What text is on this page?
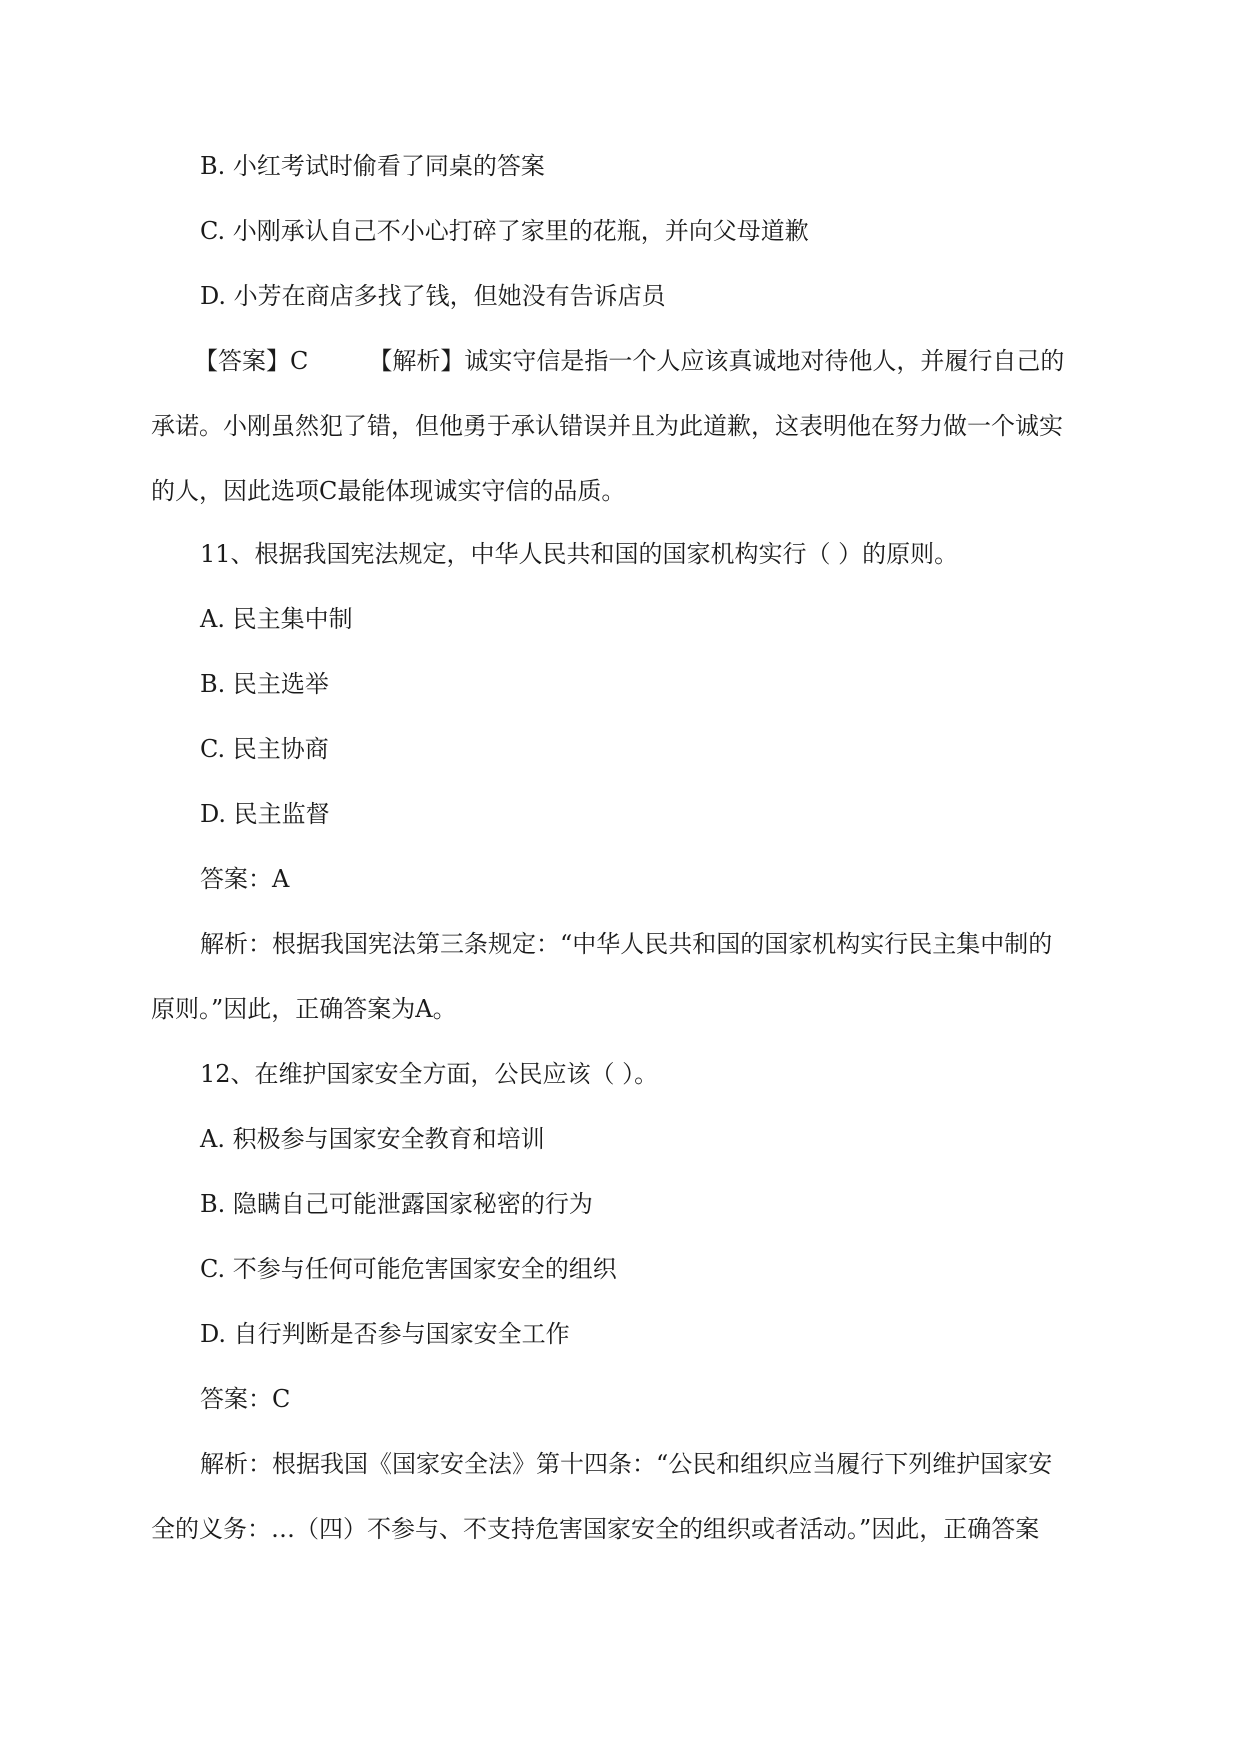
B. 小红考试时偷看了同桌的答案
C. 小刚承认自己不小心打碎了家里的花瓶，并向父母道歉
D. 小芳在商店多找了钱，但她没有告诉店员
【答案】C	【解析】诚实守信是指一个人应该真诚地对待他人，并履行自己的
承诺。小刚虽然犯了错，但他勇于承认错误并且为此道歉，这表明他在努力做一个诚实
的人，因此选项C最能体现诚实守信的品质。
11、根据我国宪法规定，中华人民共和国的国家机构实行（ ）的原则。
A. 民主集中制
B. 民主选举
C. 民主协商
D. 民主监督
答案：A
解析：根据我国宪法第三条规定：“中华人民共和国的国家机构实行民主集中制的
原则。”因此，正确答案为A。
12、在维护国家安全方面，公民应该（ ）。
A. 积极参与国家安全教育和培训
B. 隐瞒自己可能泄露国家秘密的行为
C. 不参与任何可能危害国家安全的组织
D. 自行判断是否参与国家安全工作
答案：C
解析：根据我国《国家安全法》第十四条：“公民和组织应当履行下列维护国家安
全的义务：…（四）不参与、不支持危害国家安全的组织或者活动。”因此，正确答案
